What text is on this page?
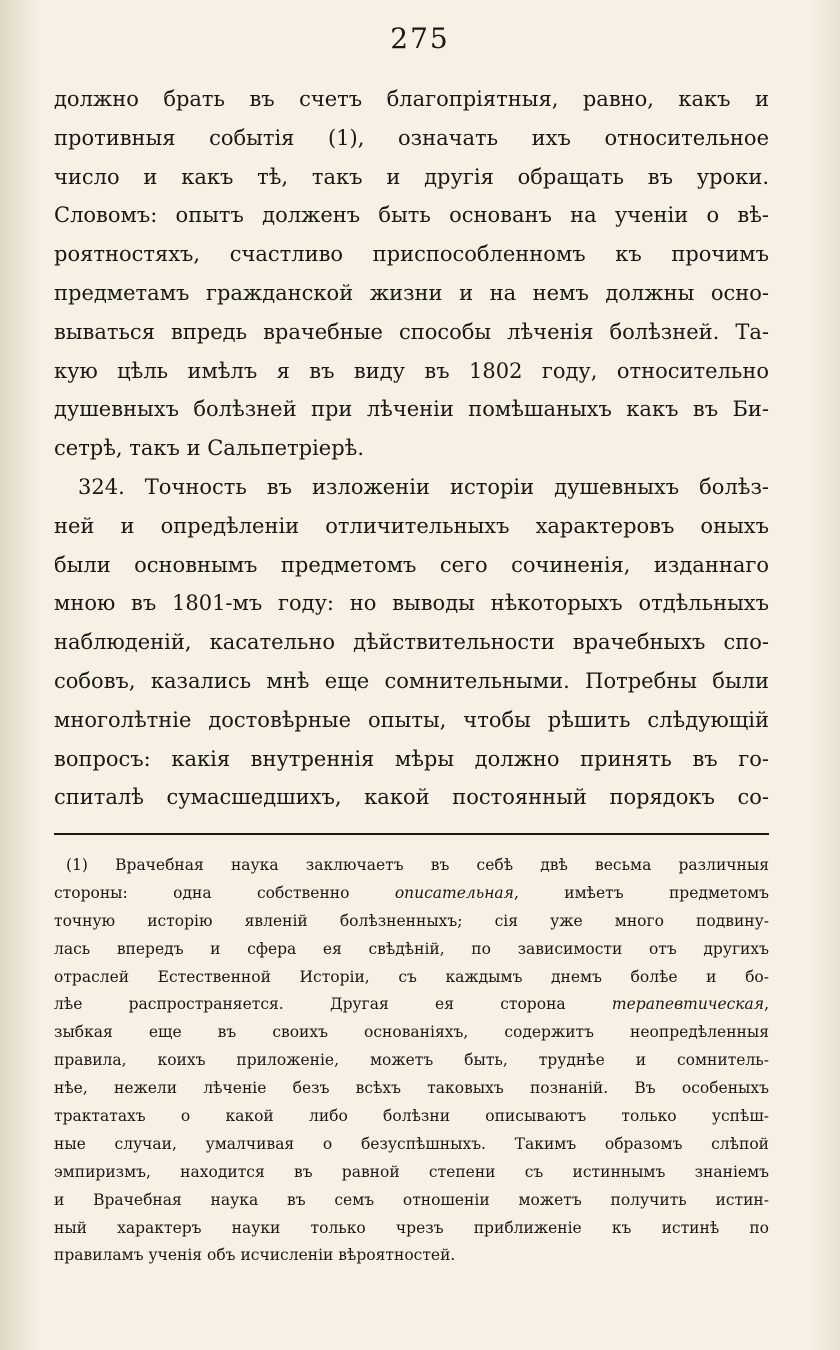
275
должно брать въ счетъ благопріятныя, равно, какъ и
противныя событія (1), означать ихъ относительное
число и какъ тѣ, такъ и другія обращать въ уроки.
Словомъ: опытъ долженъ быть основанъ на ученіи о вѣ-
роятностяхъ, счастливо приспособленномъ къ прочимъ
предметамъ гражданской жизни и на немъ должны осно-
вываться впредь врачебные способы лѣченія болѣзней. Та-
кую цѣль имѣлъ я въ виду въ 1802 году, относительно
душевныхъ болѣзней при лѣченіи помѣшаныхъ какъ въ Би-
сетрѣ, такъ и Сальпетріерѣ.
324. Точность въ изложеніи исторіи душевныхъ болѣз-
ней и опредѣленіи отличительныхъ характеровъ оныхъ
были основнымъ предметомъ сего сочиненія, изданнаго
мною въ 1801-мъ году: но выводы нѣкоторыхъ отдѣльныхъ
наблюденій, касательно дѣйствительности врачебныхъ спо-
собовъ, казались мнѣ еще сомнительными. Потребны были
многолѣтніе достовѣрные опыты, чтобы рѣшить слѣдующій
вопросъ: какія внутреннія мѣры должно принять въ го-
спиталѣ сумасшедшихъ, какой постоянный порядокъ со-
(1) Врачебная наука заключаетъ въ себѣ двѣ весьма различныя
стороны: одна собственно описательная, имѣетъ предметомъ
точную исторію явленій болѣзненныхъ; сія уже много подвину-
лась впередъ и сфера ея свѣдѣній, по зависимости отъ другихъ
отраслей Естественной Исторіи, съ каждымъ днемъ болѣе и бо-
лѣе распространяется. Другая ея сторона терапевтическая,
зыбкая еще въ своихъ основаніяхъ, содержитъ неопредѣленныя
правила, коихъ приложеніе, можетъ быть, труднѣе и сомнитель-
нѣе, нежели лѣченіе безъ всѣхъ таковыхъ познаній. Въ особеныхъ
трактатахъ о какой либо болѣзни описываютъ только успѣш-
ные случаи, умалчивая о безуспѣшныхъ. Такимъ образомъ слѣпой
эмпиризмъ, находится въ равной степени съ истиннымъ знаніемъ
и Врачебная наука въ семъ отношеніи можетъ получить истин-
ный характеръ науки только чрезъ приближеніе къ истинѣ по
правиламъ ученія объ исчисленіи вѣроятностей.
